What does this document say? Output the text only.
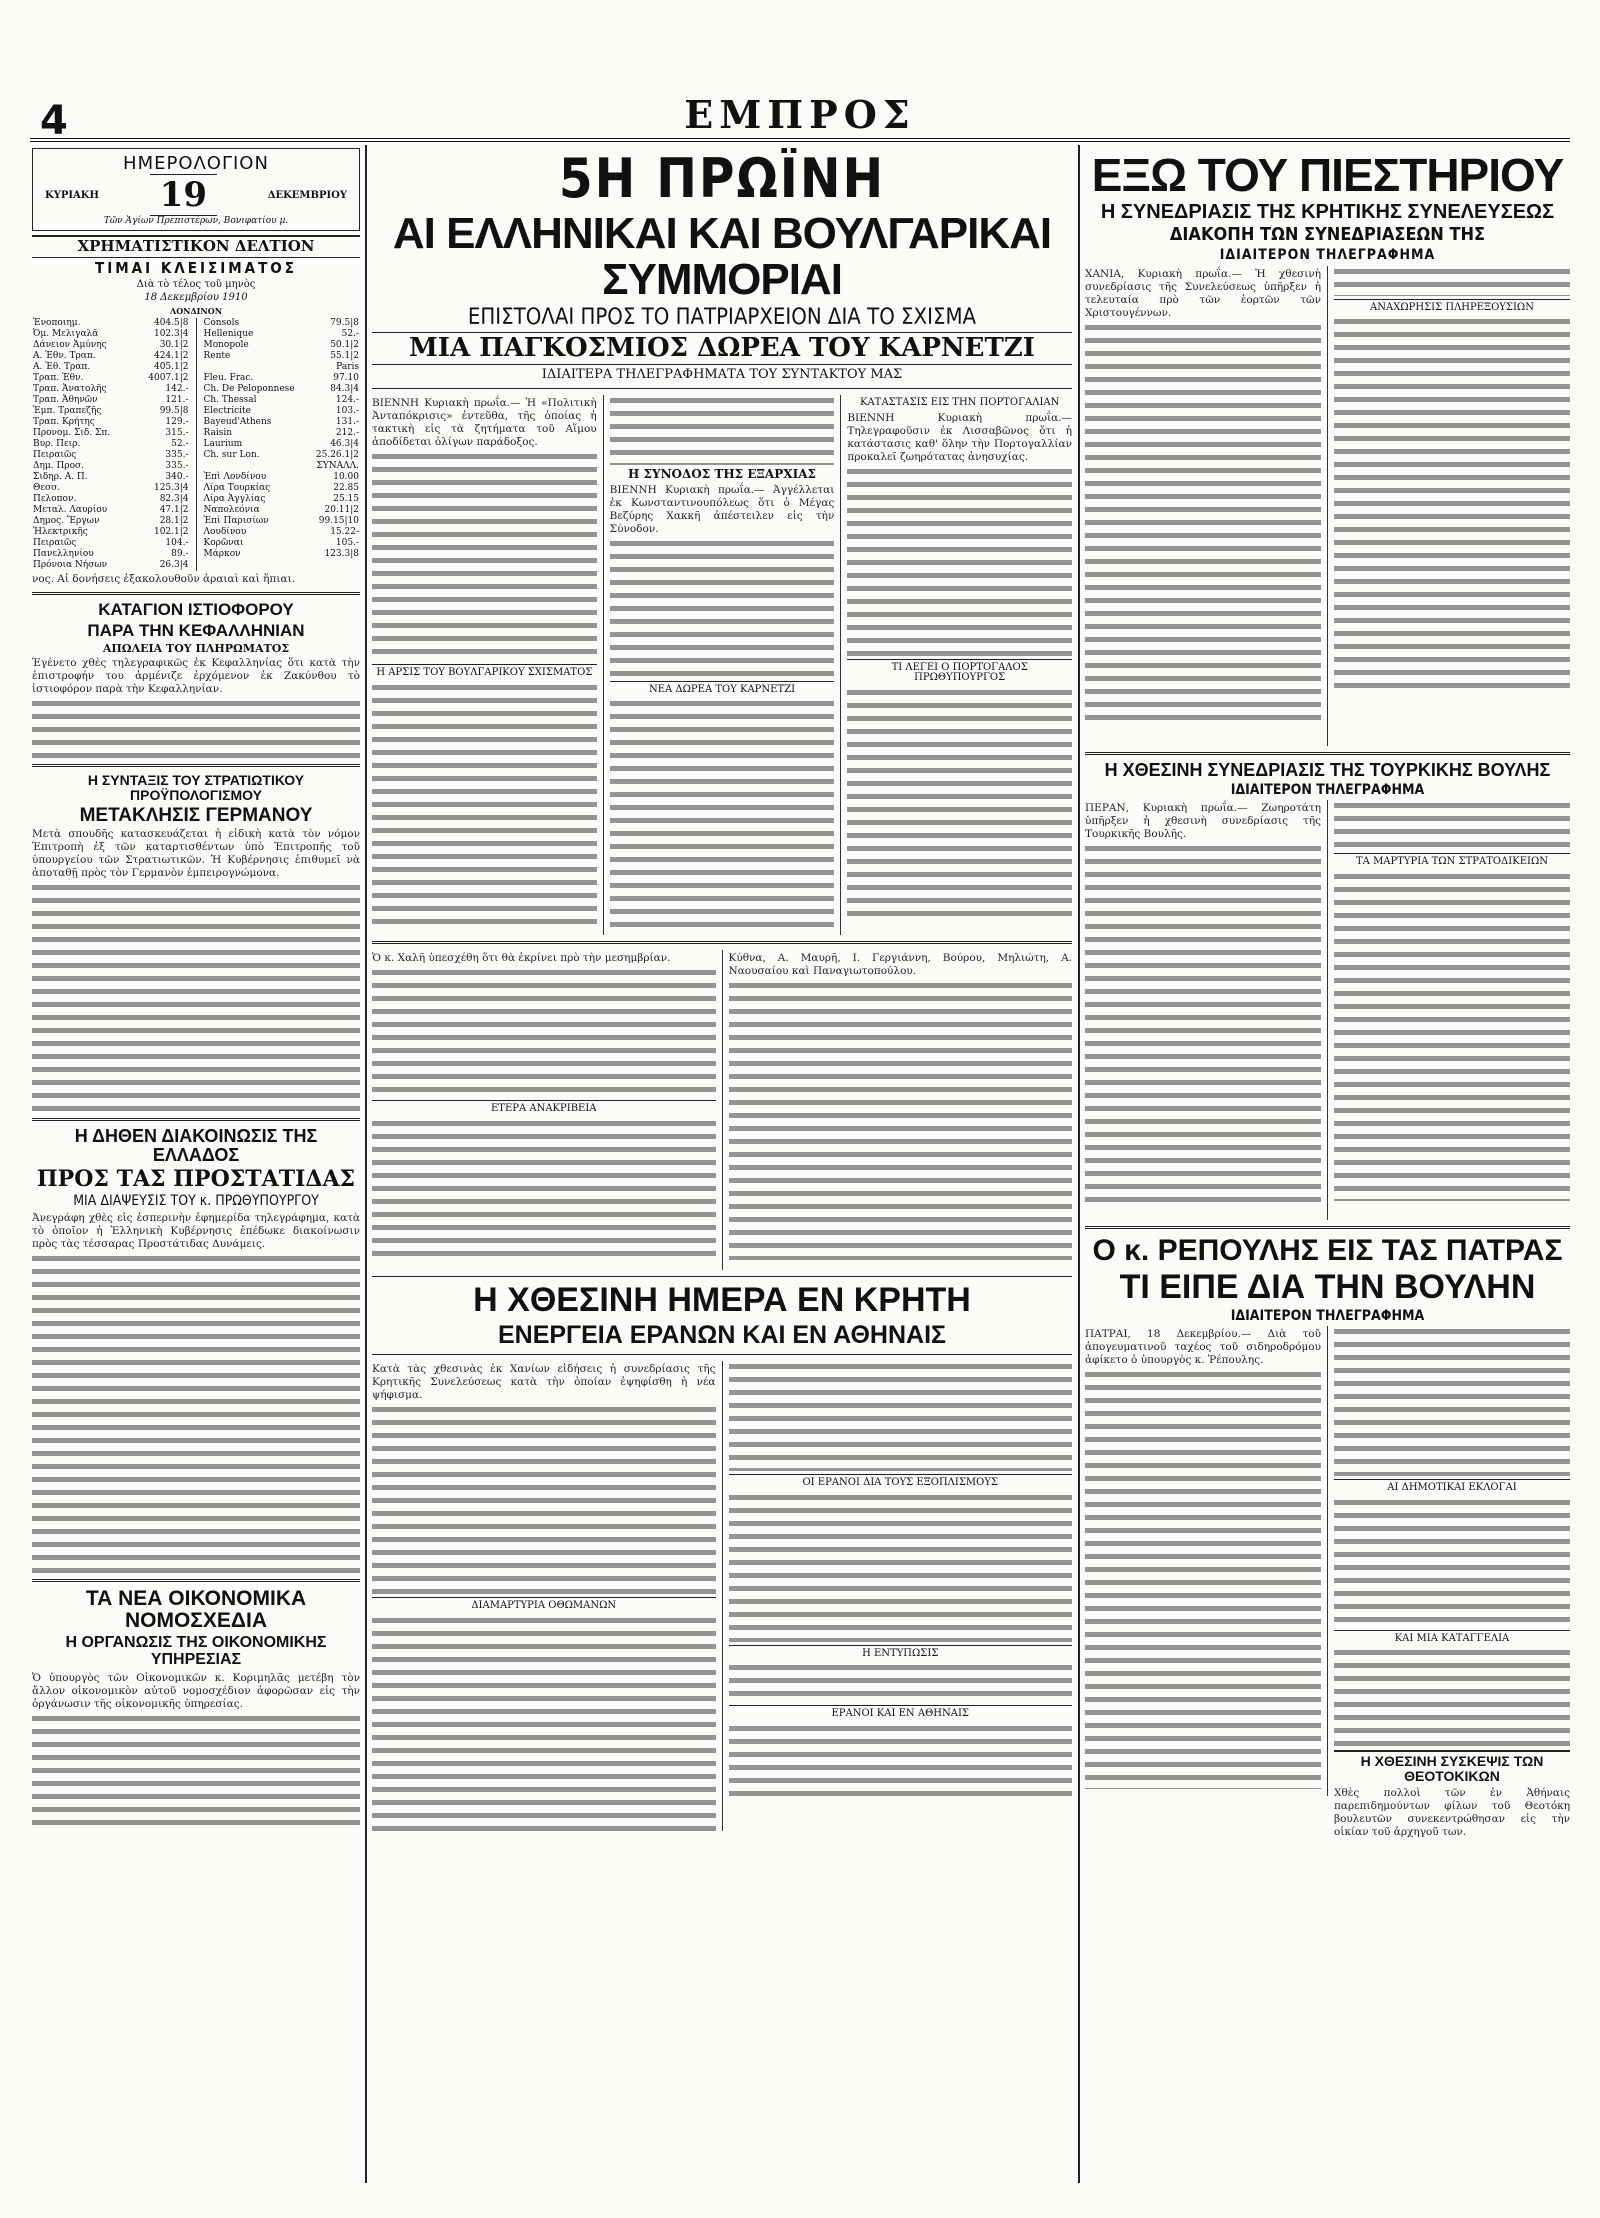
4	ΕΜΠΡΟΣ
ΗΜΕΡΟΛΟΓΙΟΝ
ΚΥΡΙΑΚΗ 19	ΔΕΚΕΜΒΡΙΟΥ
Τῶν Ἁγίων Πρεπιστέρων, Βονιφατίου μ.
ΧΡΗΜΑΤΙΣΤΙΚΟΝ ΔΕΛΤΙΟΝ
ΤΙΜΑΙ ΚΛΕΙΣΙΜΑΤΟΣ
Διὰ τὸ τέλος τοῦ μηνὸς
18 Δεκεμβρίου 1910
ΛΟΝΔΙΝΟΝ
Ἑνοποιημ.	404.5|8
Ὀμ. Μελιγαλᾶ	102.3|4
Δάνειον Ἀμύνης	30.1|2
Α. Ἐθν. Τραπ.	424.1|2
Α. Ἐθ. Τραπ.	405.1|2
Τραπ. Ἐθν.	4007.1|2
Τραπ. Ἀνατολῆς	142.-
Τραπ. Ἀθηνῶν	121.-
Ἐμπ. Τραπεζῆς	99.5|8
Τραπ. Κρήτης	129.-
Προνομ. Σιδ. Σπ.	315.-
Βυρ. Πειρ.	52.-
Πειραιῶς	335.-
Δημ. Προσ.	335.-
Σιδηρ. Α. Π.	340.-
Θεσσ.	125.3|4
Πελοπον.	82.3|4
Μεταλ. Λαυρίου	47.1|2
Δημος. Ἔργων	28.1|2
Ἠλεκτρικῆς	102.1|2
Πειραιῶς	104.-
Πανελληνίου	89.-
Πρόνοια Νήσων	26.3|4
Consols	79.5|8
Hellenique	52.-
Monopole	50.1|2
Rente	55.1|2
	Paris
Fleu. Frac.	97.10
Ch. De Peloponnese	84.3|4
Ch. Thessal	124.-
Electricite	103.-
Bayeud'Athens	131.-
Raisin	212.-
Laurium	46.3|4
Ch. sur Lon.	25.26.1|2
	ΣΥΝΑΛΛ.
Ἐπὶ Λονδίνου	10.00
Λίρα Τουρκίας	22.85
Λίρα Ἀγγλίας	25.15
Ναπολεόνια	20.11|2
Ἐπὶ Παρισίων	99.15|10
Λουδίνου	15.22-
Κορῶναι	105.-
Μάρκον	123.3|8
νος. Αἱ δονήσεις ἐξακολουθοῦν ἀραιαὶ καὶ ἥπιαι.
ΚΑΤΑΓΙΟΝ ΙΣΤΙΟΦΟΡΟΥ
ΠΑΡΑ ΤΗΝ ΚΕΦΑΛΛΗΝΙΑΝ
ΑΠΩΛΕΙΑ ΤΟΥ ΠΛΗΡΩΜΑΤΟΣ
Ἐγένετο χθὲς τηλεγραφικῶς ἐκ Κεφαλληνίας ὅτι κατὰ τὴν ἐπιστροφήν του ἀρμένιζε ἐρχόμενον ἐκ Ζακύνθου τὸ ἱστιοφόρον παρὰ τὴν Κεφαλληνίαν.
Η ΣΥΝΤΑΞΙΣ ΤΟΥ ΣΤΡΑΤΙΩΤΙΚΟΥ ΠΡΟΫΠΟΛΟΓΙΣΜΟΥ
ΜΕΤΑΚΛΗΣΙΣ ΓΕΡΜΑΝΟΥ
Μετὰ σπουδῆς κατασκευάζεται ἡ εἰδικὴ κατὰ τὸν νόμον Ἐπιτροπὴ ἐξ τῶν καταρτισθέντων ὑπὸ Ἐπιτροπῆς τοῦ ὑπουργείου τῶν Στρατιωτικῶν. Ἡ Κυβέρνησις ἐπιθυμεῖ νὰ ἀποταθῇ πρὸς τὸν Γερμανὸν ἐμπειρογνώμονα.
Η ΔΗΘΕΝ ΔΙΑΚΟΙΝΩΣΙΣ ΤΗΣ ΕΛΛΑΔΟΣ
ΠΡΟΣ ΤΑΣ ΠΡΟΣΤΑΤΙΔΑΣ
ΜΙΑ ΔΙΑΨΕΥΣΙΣ ΤΟΥ κ. ΠΡΩΘΥΠΟΥΡΓΟΥ
Ἀνεγράφη χθὲς εἰς ἑσπερινὴν ἐφημερίδα τηλεγράφημα, κατὰ τὸ ὁποῖον ἡ Ἑλληνικὴ Κυβέρνησις ἐπέδωκε διακοίνωσιν πρὸς τὰς τέσσαρας Προστάτιδας Δυνάμεις.
ΤΑ ΝΕΑ ΟΙΚΟΝΟΜΙΚΑ ΝΟΜΟΣΧΕΔΙΑ
Η ΟΡΓΑΝΩΣΙΣ ΤΗΣ ΟΙΚΟΝΟΜΙΚΗΣ ΥΠΗΡΕΣΙΑΣ
Ὁ ὑπουργὸς τῶν Οἰκονομικῶν κ. Κοριμηλᾶς μετέβη τὸν ἄλλον οἰκονομικὸν αὐτοῦ νομοσχέδιον ἀφορῶσαν εἰς τὴν ὀργάνωσιν τῆς οἰκονομικῆς ὑπηρεσίας.
5Η ΠΡΩΪΝΗ
ΑΙ ΕΛΛΗΝΙΚΑΙ ΚΑΙ ΒΟΥΛΓΑΡΙΚΑΙ ΣΥΜΜΟΡΙΑΙ
ΕΠΙΣΤΟΛΑΙ ΠΡΟΣ ΤΟ ΠΑΤΡΙΑΡΧΕΙΟΝ ΔΙΑ ΤΟ ΣΧΙΣΜΑ
ΜΙΑ ΠΑΓΚΟΣΜΙΟΣ ΔΩΡΕΑ ΤΟΥ ΚΑΡΝΕΤΖΙ
ΙΔΙΑΙΤΕΡΑ ΤΗΛΕΓΡΑΦΗΜΑΤΑ ΤΟΥ ΣΥΝΤΑΚΤΟΥ ΜΑΣ
ΒΙΕΝΝΗ Κυριακὴ πρωΐα.— Ἡ «Πολιτικὴ Ἀνταπόκρισις» ἐντεῦθα, τῆς ὁποίας ἡ τακτικὴ εἰς τὰ ζητήματα τοῦ Αἵμου ἀποδίδεται ὀλίγων παράδοξος.
Η ΑΡΣΙΣ ΤΟΥ ΒΟΥΛΓΑΡΙΚΟΥ ΣΧΙΣΜΑΤΟΣ
Η ΣΥΝΟΔΟΣ ΤΗΣ ΕΞΑΡΧΙΑΣ
ΒΙΕΝΝΗ Κυριακὴ πρωΐα.— Ἀγγέλλεται ἐκ Κωνσταντινουπόλεως ὅτι ὁ Μέγας Βεζύρης Χακκῆ ἀπέστειλεν εἰς τὴν Σύνοδον.
ΝΕΑ ΔΩΡΕΑ ΤΟΥ ΚΑΡΝΕΤΖΙ
ΚΑΤΑΣΤΑΣΙΣ ΕΙΣ ΤΗΝ ΠΟΡΤΟΓΑΛΙΑΝ
ΒΙΕΝΝΗ Κυριακὴ πρωΐα.— Τηλεγραφοῦσιν ἐκ Λισσαβῶνος ὅτι ἡ κατάστασις καθ' ὅλην τὴν Πορτογαλλίαν προκαλεῖ ζωηρότατας ἀνησυχίας.
ΤΙ ΛΕΓΕΙ Ο ΠΟΡΤΟΓΑΛΟΣ ΠΡΩΘΥΠΟΥΡΓΟΣ
Ὁ κ. Χαλῆ ὑπεσχέθη ὅτι θὰ ἐκρίνει πρὸ τὴν μεσημβρίαν.
ΕΤΕΡΑ ΑΝΑΚΡΙΒΕΙΑ
Κύθνα, Α. Μαυρῆ, Ι. Γεργιάννη, Βούρου, Μηλιώτη, Α. Ναουσαίου καὶ Παναγιωτοπούλου.
Η ΧΘΕΣΙΝΗ ΗΜΕΡΑ ΕΝ ΚΡΗΤΗ
ΕΝΕΡΓΕΙΑ ΕΡΑΝΩΝ ΚΑΙ ΕΝ ΑΘΗΝΑΙΣ
Κατὰ τὰς χθεσινὰς ἐκ Χανίων εἰδήσεις ἡ συνεδρίασις τῆς Κρητικῆς Συνελεύσεως κατὰ τὴν ὁποίαν ἐψηφίσθη ἡ νέα ψήφισμα.
ΔΙΑΜΑΡΤΥΡΙΑ ΟΘΩΜΑΝΩΝ
ΟΙ ΕΡΑΝΟΙ ΔΙΑ ΤΟΥΣ ΕΞΟΠΛΙΣΜΟΥΣ
Η ΕΝΤΥΠΩΣΙΣ
ΕΡΑΝΟΙ ΚΑΙ ΕΝ ΑΘΗΝΑΙΣ
ΕΞΩ ΤΟΥ ΠΙΕΣΤΗΡΙΟΥ
Η ΣΥΝΕΔΡΙΑΣΙΣ ΤΗΣ ΚΡΗΤΙΚΗΣ ΣΥΝΕΛΕΥΣΕΩΣ
ΔΙΑΚΟΠΗ ΤΩΝ ΣΥΝΕΔΡΙΑΣΕΩΝ ΤΗΣ
ΙΔΙΑΙΤΕΡΟΝ ΤΗΛΕΓΡΑΦΗΜΑ
ΧΑΝΙΑ, Κυριακὴ πρωΐα.— Ἡ χθεσινὴ συνεδρίασις τῆς Συνελεύσεως ὑπῆρξεν ἡ τελευταία πρὸ τῶν ἑορτῶν τῶν Χριστουγέννων.	ΑΝΑΧΩΡΗΣΙΣ ΠΛΗΡΕΞΟΥΣΙΩΝ
Η ΧΘΕΣΙΝΗ ΣΥΝΕΔΡΙΑΣΙΣ ΤΗΣ ΤΟΥΡΚΙΚΗΣ ΒΟΥΛΗΣ
ΙΔΙΑΙΤΕΡΟΝ ΤΗΛΕΓΡΑΦΗΜΑ
ΠΕΡΑΝ, Κυριακὴ πρωΐα.— Ζωηροτάτη ὑπῆρξεν ἡ χθεσινὴ συνεδρίασις τῆς Τουρκικῆς Βουλῆς.
ΤΑ ΜΑΡΤΥΡΙΑ ΤΩΝ ΣΤΡΑΤΟΔΙΚΕΙΩΝ
Ο κ. ΡΕΠΟΥΛΗΣ ΕΙΣ ΤΑΣ ΠΑΤΡΑΣ
ΤΙ ΕΙΠΕ ΔΙΑ ΤΗΝ ΒΟΥΛΗΝ
ΙΔΙΑΙΤΕΡΟΝ ΤΗΛΕΓΡΑΦΗΜΑ
ΠΑΤΡΑΙ, 18 Δεκεμβρίου.— Διὰ τοῦ ἀπογευματινοῦ ταχέος τοῦ σιδηροδρόμου ἀφίκετο ὁ ὑπουργὸς κ. Ῥέπουλης.
ΑΙ ΔΗΜΟΤΙΚΑΙ ΕΚΛΟΓΑΙ
ΚΑΙ ΜΙΑ ΚΑΤΑΓΓΕΛΙΑ
Η ΧΘΕΣΙΝΗ ΣΥΣΚΕΨΙΣ ΤΩΝ ΘΕΟΤΟΚΙΚΩΝ
Χθὲς πολλοὶ τῶν ἐν Ἀθήναις παρεπιδημούντων φίλων τοῦ Θεοτόκη βουλευτῶν συνεκεντρώθησαν εἰς τὴν οἰκίαν τοῦ ἀρχηγοῦ των.
